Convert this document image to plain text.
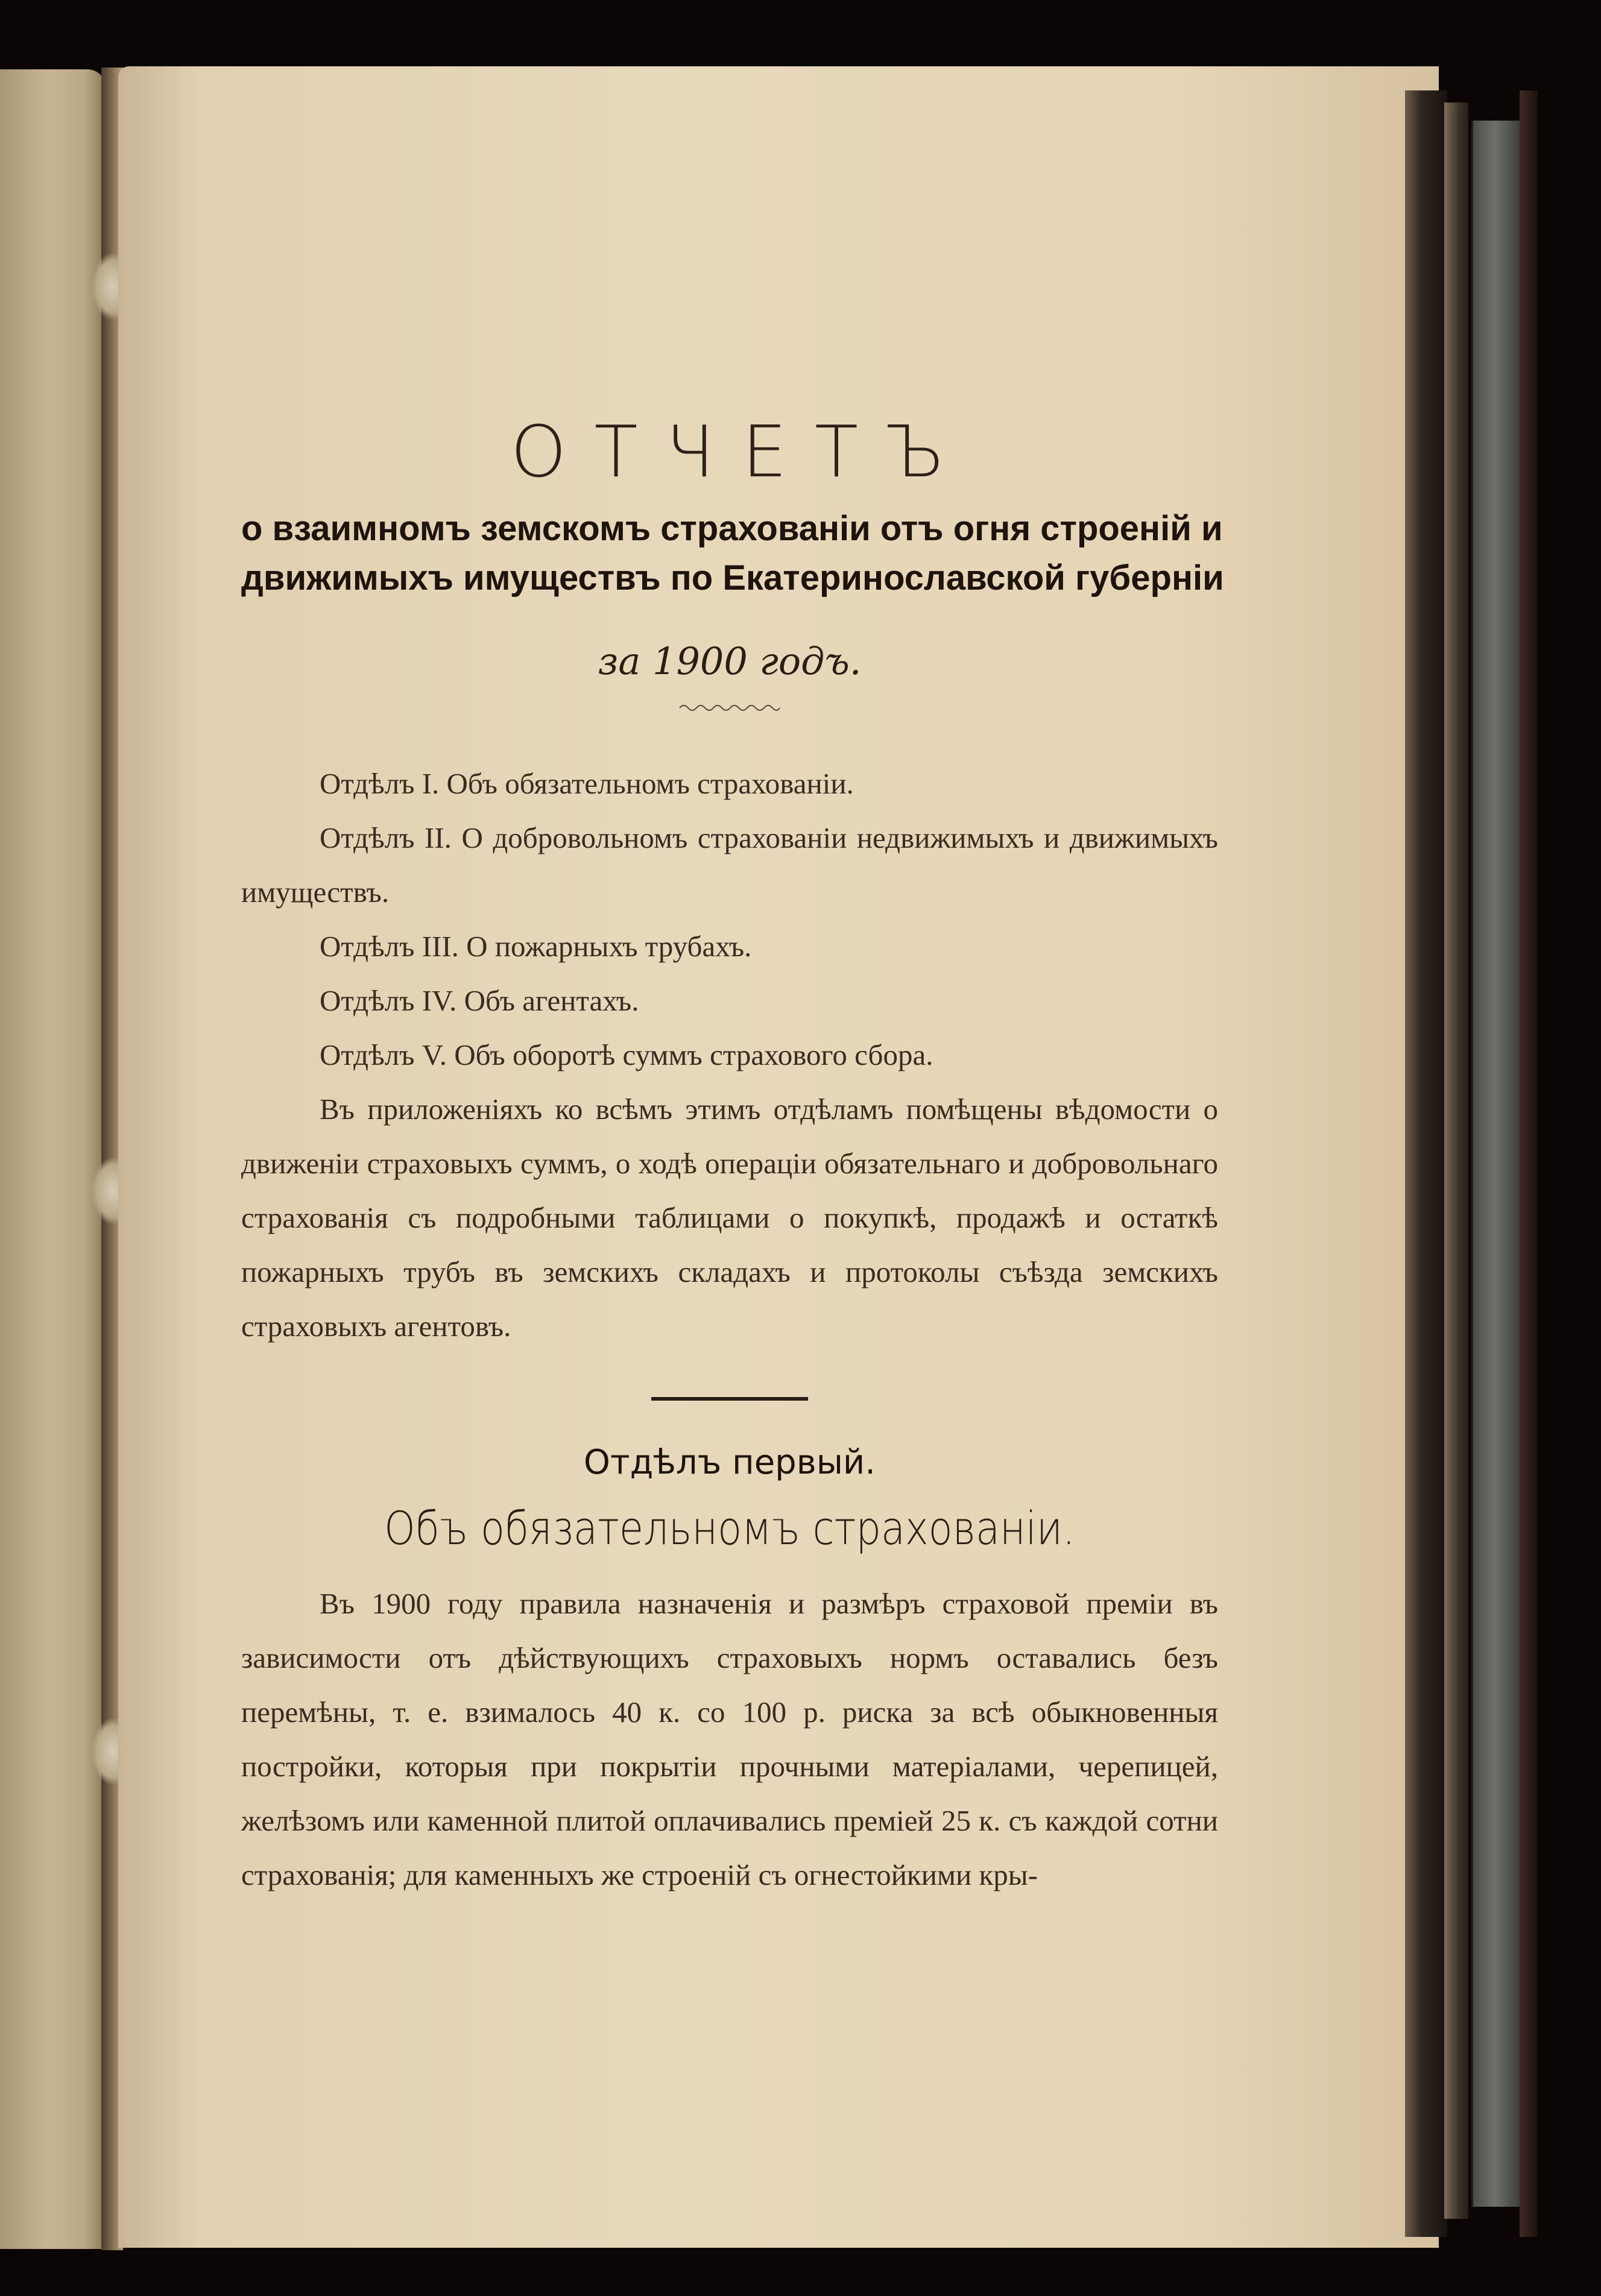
ОТЧЕТЪ

о взаимномъ земскомъ страхованіи отъ огня строеній и
движимыхъ имуществъ по Екатеринославской губерніи

за 1900 годъ.

Отдѣлъ I. Объ обязательномъ страхованіи.

Отдѣлъ II. О добровольномъ страхованіи недвижимыхъ и движимыхъ имуществъ.

Отдѣлъ III. О пожарныхъ трубахъ.

Отдѣлъ IV. Объ агентахъ.

Отдѣлъ V. Объ оборотѣ суммъ страхового сбора.

Въ приложеніяхъ ко всѣмъ этимъ отдѣламъ помѣщены вѣдомости о движеніи страховыхъ суммъ, о ходѣ операціи обязательнаго и добровольнаго страхованія съ подробными таблицами о покупкѣ, продажѣ и остаткѣ пожарныхъ трубъ въ земскихъ складахъ и протоколы съѣзда земскихъ страховыхъ агентовъ.

Отдѣлъ первый.

Объ обязательномъ страхованіи.

Въ 1900 году правила назначенія и размѣръ страховой преміи въ зависимости отъ дѣйствующихъ страховыхъ нормъ оставались безъ перемѣны, т. е. взималось 40 к. со 100 р. риска за всѣ обыкновенныя постройки, которыя при покрытіи прочными матеріалами, черепицей, желѣзомъ или каменной плитой оплачивались преміей 25 к. съ каждой сотни страхованія; для каменныхъ же строеній съ огнестойкими кры-
